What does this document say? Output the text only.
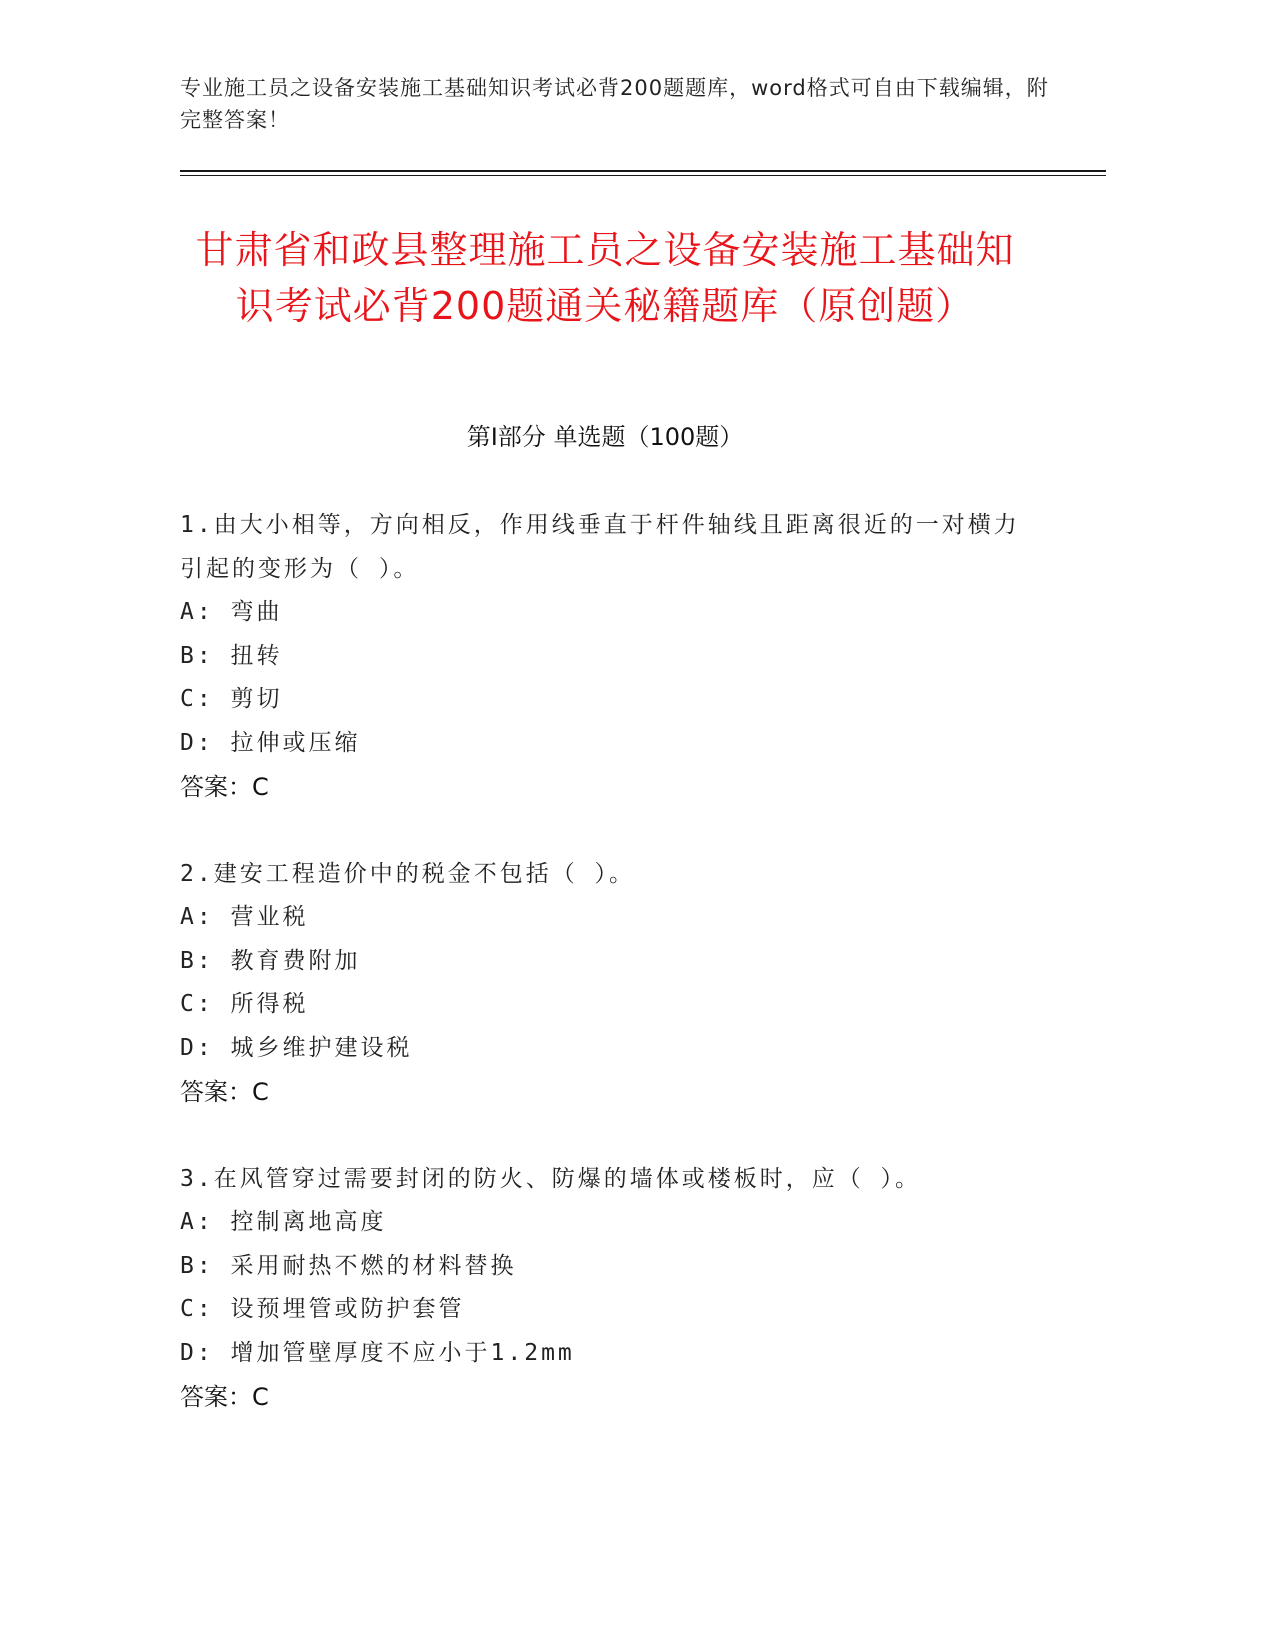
专业施工员之设备安装施工基础知识考试必背200题题库，word格式可自由下载编辑，附完整答案！
甘肃省和政县整理施工员之设备安装施工基础知识考试必背200题通关秘籍题库（原创题）
第Ⅰ部分 单选题（100题）

1.由大小相等，方向相反，作用线垂直于杆件轴线且距离很近的一对横力引起的变形为（ ）。

A: 弯曲

B: 扭转

C: 剪切

D: 拉伸或压缩

答案：C

2.建安工程造价中的税金不包括（ ）。

A: 营业税

B: 教育费附加

C: 所得税

D: 城乡维护建设税

答案：C

3.在风管穿过需要封闭的防火、防爆的墙体或楼板时，应（ ）。

A: 控制离地高度

B: 采用耐热不燃的材料替换

C: 设预埋管或防护套管

D: 增加管壁厚度不应小于1.2mm

答案：C
